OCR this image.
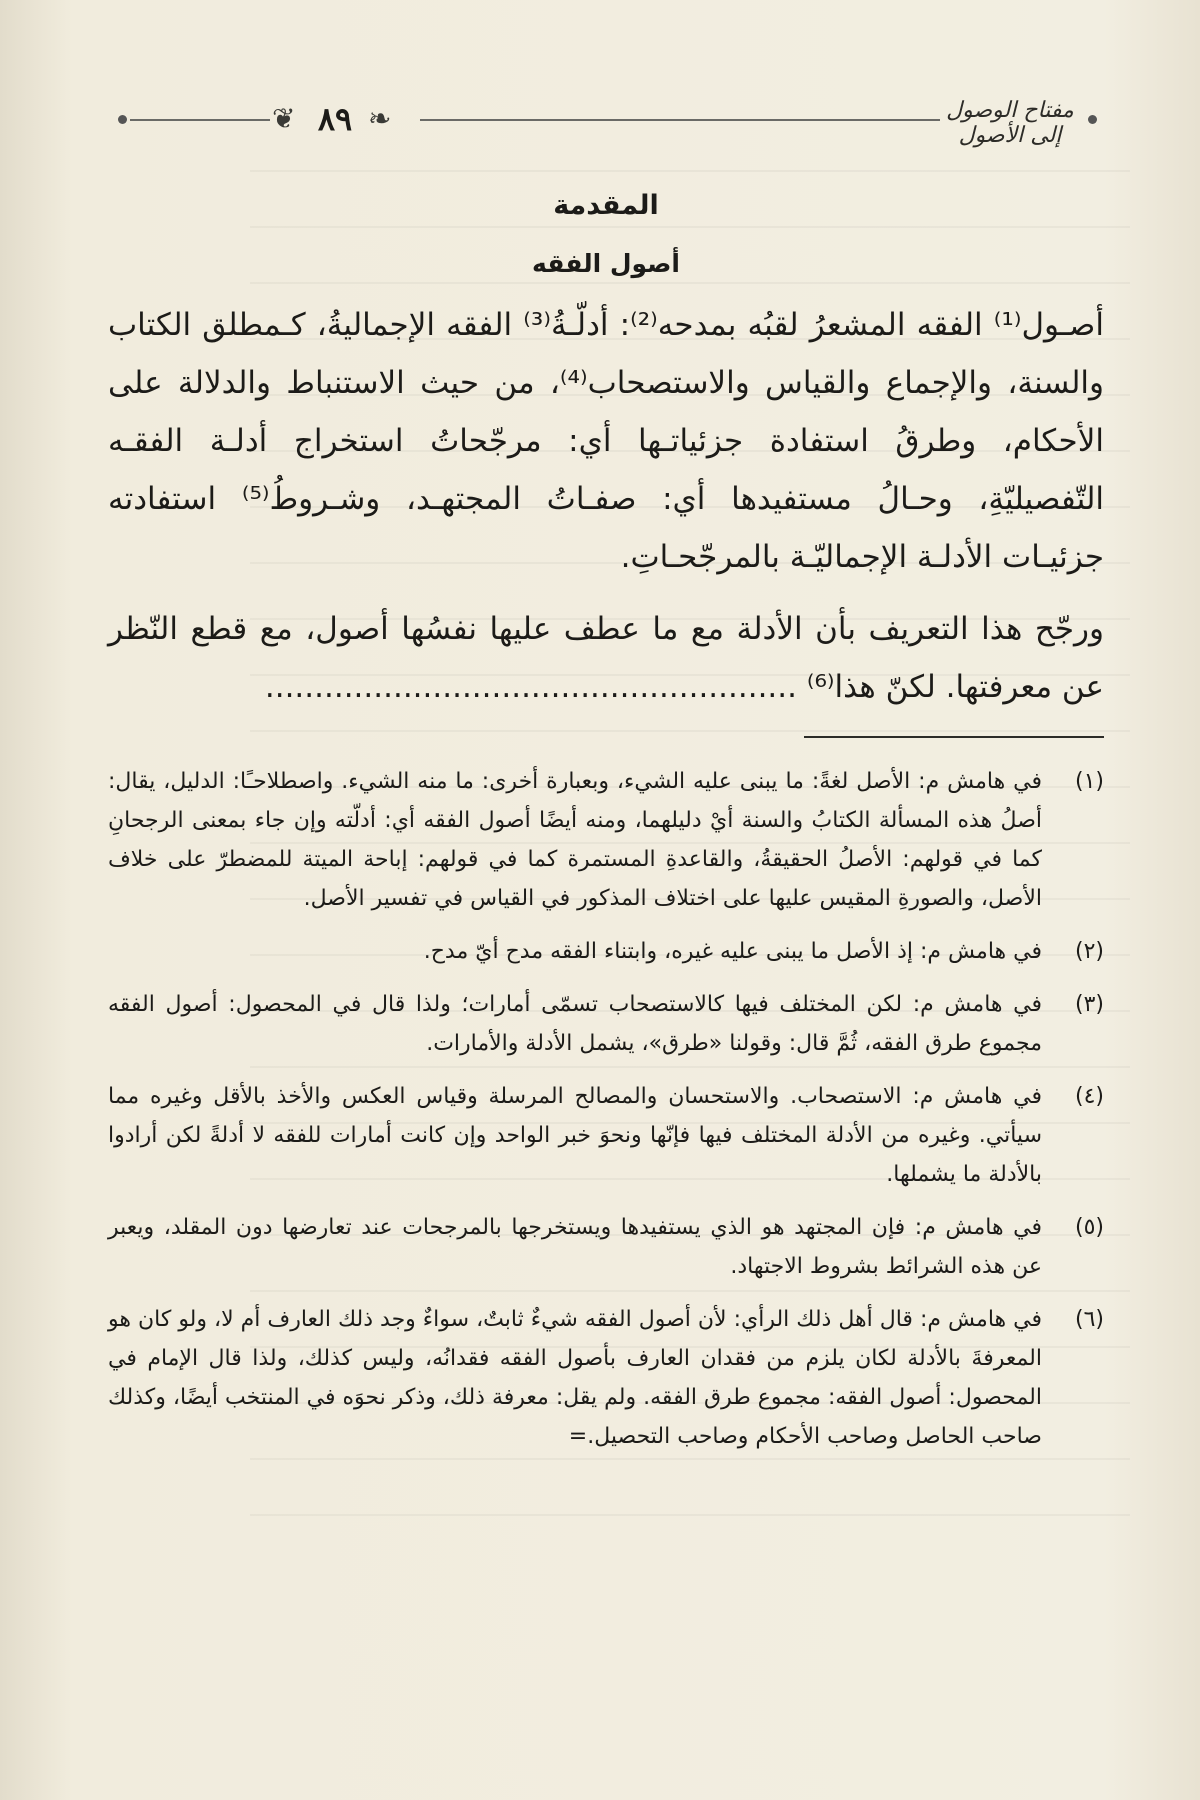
❦ ٨٩ ❧	مفتاح الوصول إلى الأصول
المقدمة
أصول الفقه

أصـول⁽¹⁾ الفقه المشعرُ لقبُه بمدحه⁽²⁾: أدلّـةُ⁽³⁾ الفقه الإجماليةُ، كـمطلق الكتاب والسنة، والإجماع والقياس والاستصحاب⁽⁴⁾، من حيث الاستنباط والدلالة على الأحكام، وطرقُ استفادة جزئياتـها أي: مرجّحاتُ استخراج أدلـة الفقـه التّفصيليّةِ، وحـالُ مستفيدها أي: صفـاتُ المجتهـد، وشـروطُ⁽⁵⁾ استفادته جزئيـات الأدلـة الإجماليّـة بالمرجّحـاتِ.

ورجّح هذا التعريف بأن الأدلة مع ما عطف عليها نفسُها أصول، مع قطع النّظر عن معرفتها. لكنّ هذا⁽⁶⁾ ......................................................

(١)
في هامش م: الأصل لغةً: ما يبنى عليه الشيء، وبعبارة أخرى: ما منه الشيء. واصطلاحـًا: الدليل، يقال: أصلُ هذه المسألة الكتابُ والسنة أيْ دليلهما، ومنه أيضًا أصول الفقه أي: أدلّته وإن جاء بمعنى الرجحانِ كما في قولهم: الأصلُ الحقيقةُ، والقاعدةِ المستمرة كما في قولهم: إباحة الميتة للمضطرّ على خلاف الأصل، والصورةِ المقيس عليها على اختلاف المذكور في القياس في تفسير الأصل.
(٢)
في هامش م: إذ الأصل ما يبنى عليه غيره، وابتناء الفقه مدح أيّ مدح.
(٣)
في هامش م: لكن المختلف فيها كالاستصحاب تسمّى أمارات؛ ولذا قال في المحصول: أصول الفقه مجموع طرق الفقه، ثُمَّ قال: وقولنا «طرق»، يشمل الأدلة والأمارات.
(٤)
في هامش م: الاستصحاب. والاستحسان والمصالح المرسلة وقياس العكس والأخذ بالأقل وغيره مما سيأتي. وغيره من الأدلة المختلف فيها فإنّها ونحوَ خبر الواحد وإن كانت أمارات للفقه لا أدلةً لكن أرادوا بالأدلة ما يشملها.
(٥)
في هامش م: فإن المجتهد هو الذي يستفيدها ويستخرجها بالمرجحات عند تعارضها دون المقلد، ويعبر عن هذه الشرائط بشروط الاجتهاد.
(٦)
في هامش م: قال أهل ذلك الرأي: لأن أصول الفقه شيءٌ ثابتٌ، سواءٌ وجد ذلك العارف أم لا، ولو كان هو المعرفةَ بالأدلة لكان يلزم من فقدان العارف بأصول الفقه فقدانُه، وليس كذلك، ولذا قال الإمام في المحصول: أصول الفقه: مجموع طرق الفقه. ولم يقل: معرفة ذلك، وذكر نحوَه في المنتخب أيضًا، وكذلك صاحب الحاصل وصاحب الأحكام وصاحب التحصيل.=
